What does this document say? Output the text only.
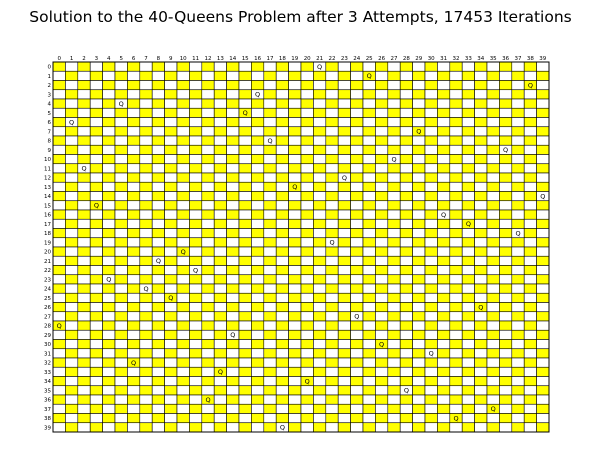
Solution to the 40-Queens Problem after 3 Attempts, 17453 Iterations
0 1 2 3 4 5 6 7 8 9 10 11 12 13 14 15 16 17 18 19 20 21 22 23 24 25 26 27 28 29 30 31 32 33 34 35 36 37 38 39
0
1
2
3
4
5
6
7
8
9
10
11
12
13
14
15
16
17
18
19
20
21
22
23
24
25
26
27
28
29
30
31
32
33
34
35
36
37
38
39
Q
Q
Q
Q
Q
Q
Q
Q
Q
Q
Q
Q
Q
Q
Q
Q
Q
Q
Q
Q
Q
Q
Q
Q
Q
Q
Q
Q
Q
Q
Q
Q
Q
Q
Q
Q
Q
Q
Q
Q
